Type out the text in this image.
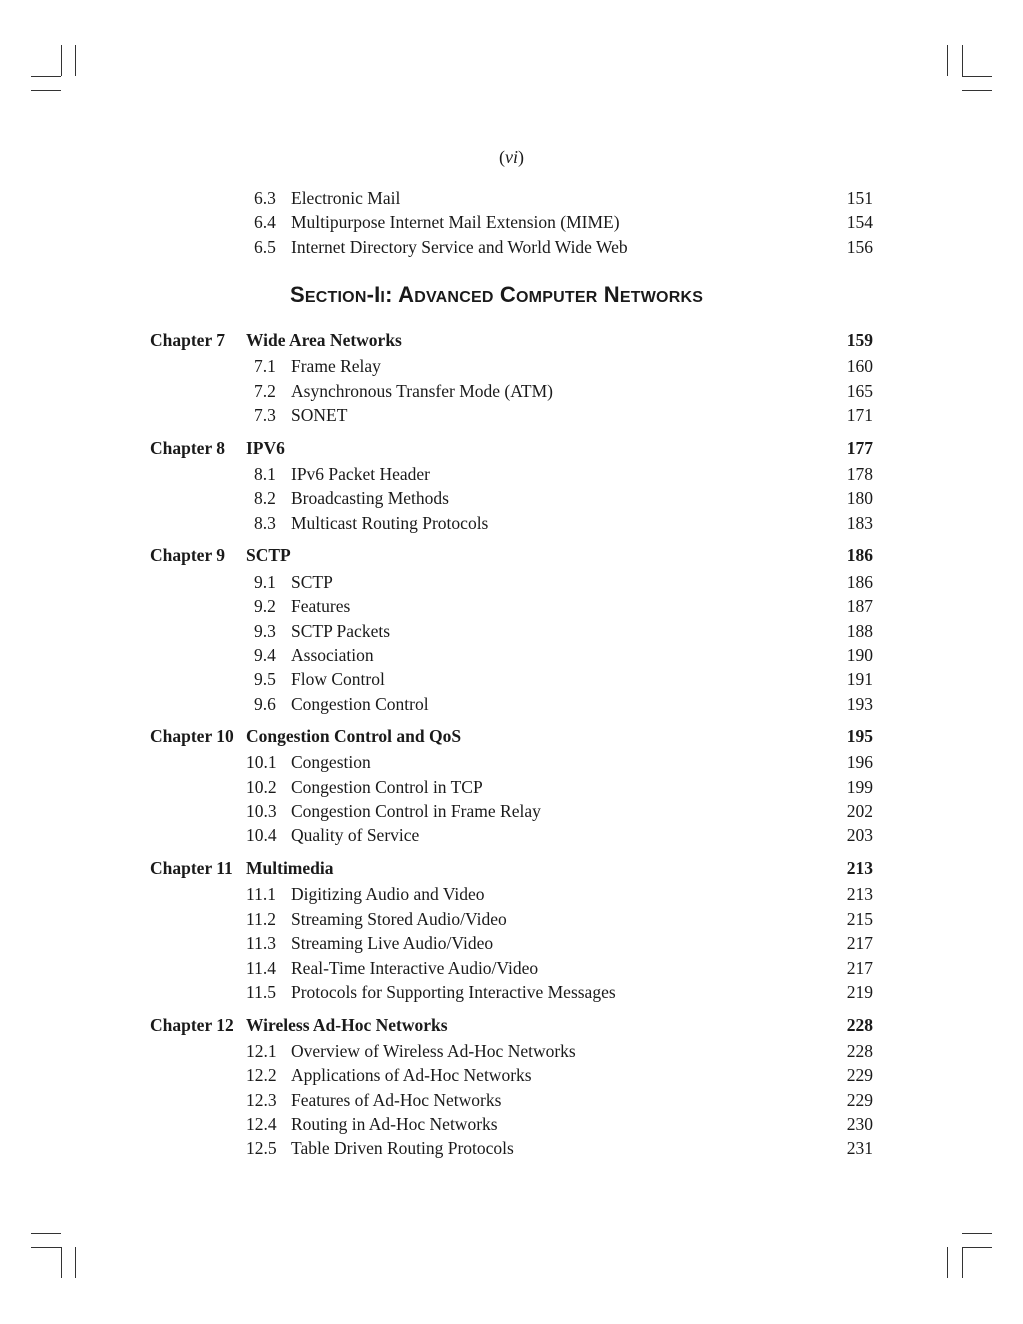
(vi)
6.3 Electronic Mail	151
6.4 Multipurpose Internet Mail Extension (MIME)	154
6.5 Internet Directory Service and World Wide Web	156
SECTION-II: ADVANCED COMPUTER NETWORKS
Chapter 7 Wide Area Networks	159
7.1 Frame Relay	160
7.2 Asynchronous Transfer Mode (ATM)	165
7.3 SONET	171
Chapter 8 IPV6	177
8.1 IPv6 Packet Header	178
8.2 Broadcasting Methods	180
8.3 Multicast Routing Protocols	183
Chapter 9 SCTP	186
9.1 SCTP	186
9.2 Features	187
9.3 SCTP Packets	188
9.4 Association	190
9.5 Flow Control	191
9.6 Congestion Control	193
Chapter 10 Congestion Control and QoS	195
10.1 Congestion	196
10.2 Congestion Control in TCP	199
10.3 Congestion Control in Frame Relay	202
10.4 Quality of Service	203
Chapter 11 Multimedia	213
11.1 Digitizing Audio and Video	213
11.2 Streaming Stored Audio/Video	215
11.3 Streaming Live Audio/Video	217
11.4 Real-Time Interactive Audio/Video	217
11.5 Protocols for Supporting Interactive Messages	219
Chapter 12 Wireless Ad-Hoc Networks	228
12.1 Overview of Wireless Ad-Hoc Networks	228
12.2 Applications of Ad-Hoc Networks	229
12.3 Features of Ad-Hoc Networks	229
12.4 Routing in Ad-Hoc Networks	230
12.5 Table Driven Routing Protocols	231
